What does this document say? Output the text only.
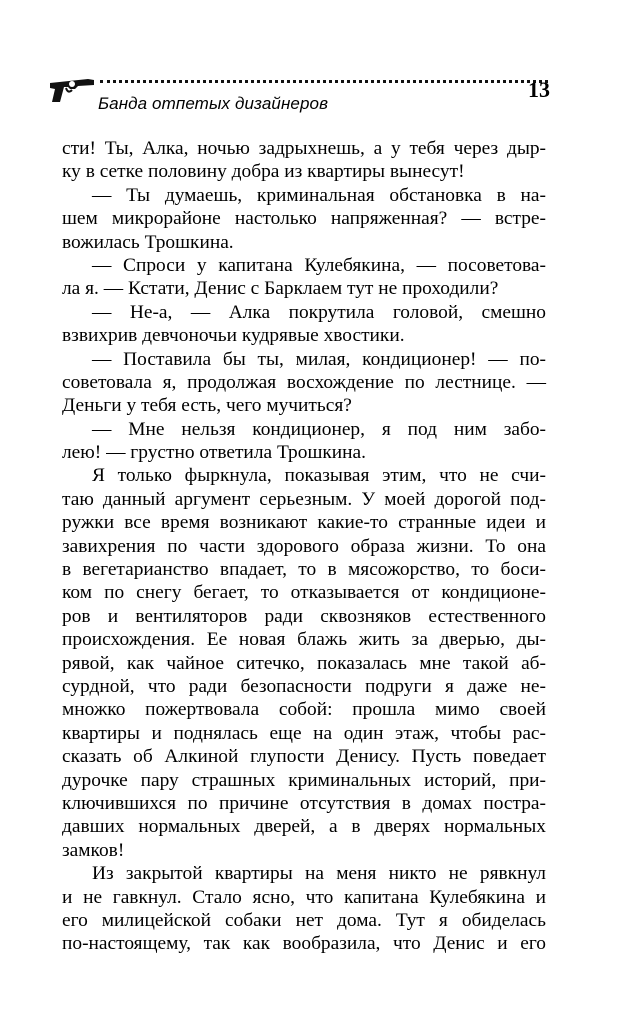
13
Банда отпетых дизайнеров
сти! Ты, Алка, ночью задрыхнешь, а у тебя через дыр-
ку в сетке половину добра из квартиры вынесут!
— Ты думаешь, криминальная обстановка в на-
шем микрорайоне настолько напряженная? — встре-
вожилась Трошкина.
— Спроси у капитана Кулебякина, — посоветова-
ла я. — Кстати, Денис с Барклаем тут не проходили?
— Не-а, — Алка покрутила головой, смешно
взвихрив девчоночьи кудрявые хвостики.
— Поставила бы ты, милая, кондиционер! — по-
советовала я, продолжая восхождение по лестнице. —
Деньги у тебя есть, чего мучиться?
— Мне нельзя кондиционер, я под ним забо-
лею! — грустно ответила Трошкина.
Я только фыркнула, показывая этим, что не счи-
таю данный аргумент серьезным. У моей дорогой под-
ружки все время возникают какие-то странные идеи и
завихрения по части здорового образа жизни. То она
в вегетарианство впадает, то в мясожорство, то боси-
ком по снегу бегает, то отказывается от кондиционе-
ров и вентиляторов ради сквозняков естественного
происхождения. Ее новая блажь жить за дверью, ды-
рявой, как чайное ситечко, показалась мне такой аб-
сурдной, что ради безопасности подруги я даже не-
множко пожертвовала собой: прошла мимо своей
квартиры и поднялась еще на один этаж, чтобы рас-
сказать об Алкиной глупости Денису. Пусть поведает
дурочке пару страшных криминальных историй, при-
ключившихся по причине отсутствия в домах постра-
давших нормальных дверей, а в дверях нормальных
замков!
Из закрытой квартиры на меня никто не рявкнул
и не гавкнул. Стало ясно, что капитана Кулебякина и
его милицейской собаки нет дома. Тут я обиделась
по-настоящему, так как вообразила, что Денис и его
